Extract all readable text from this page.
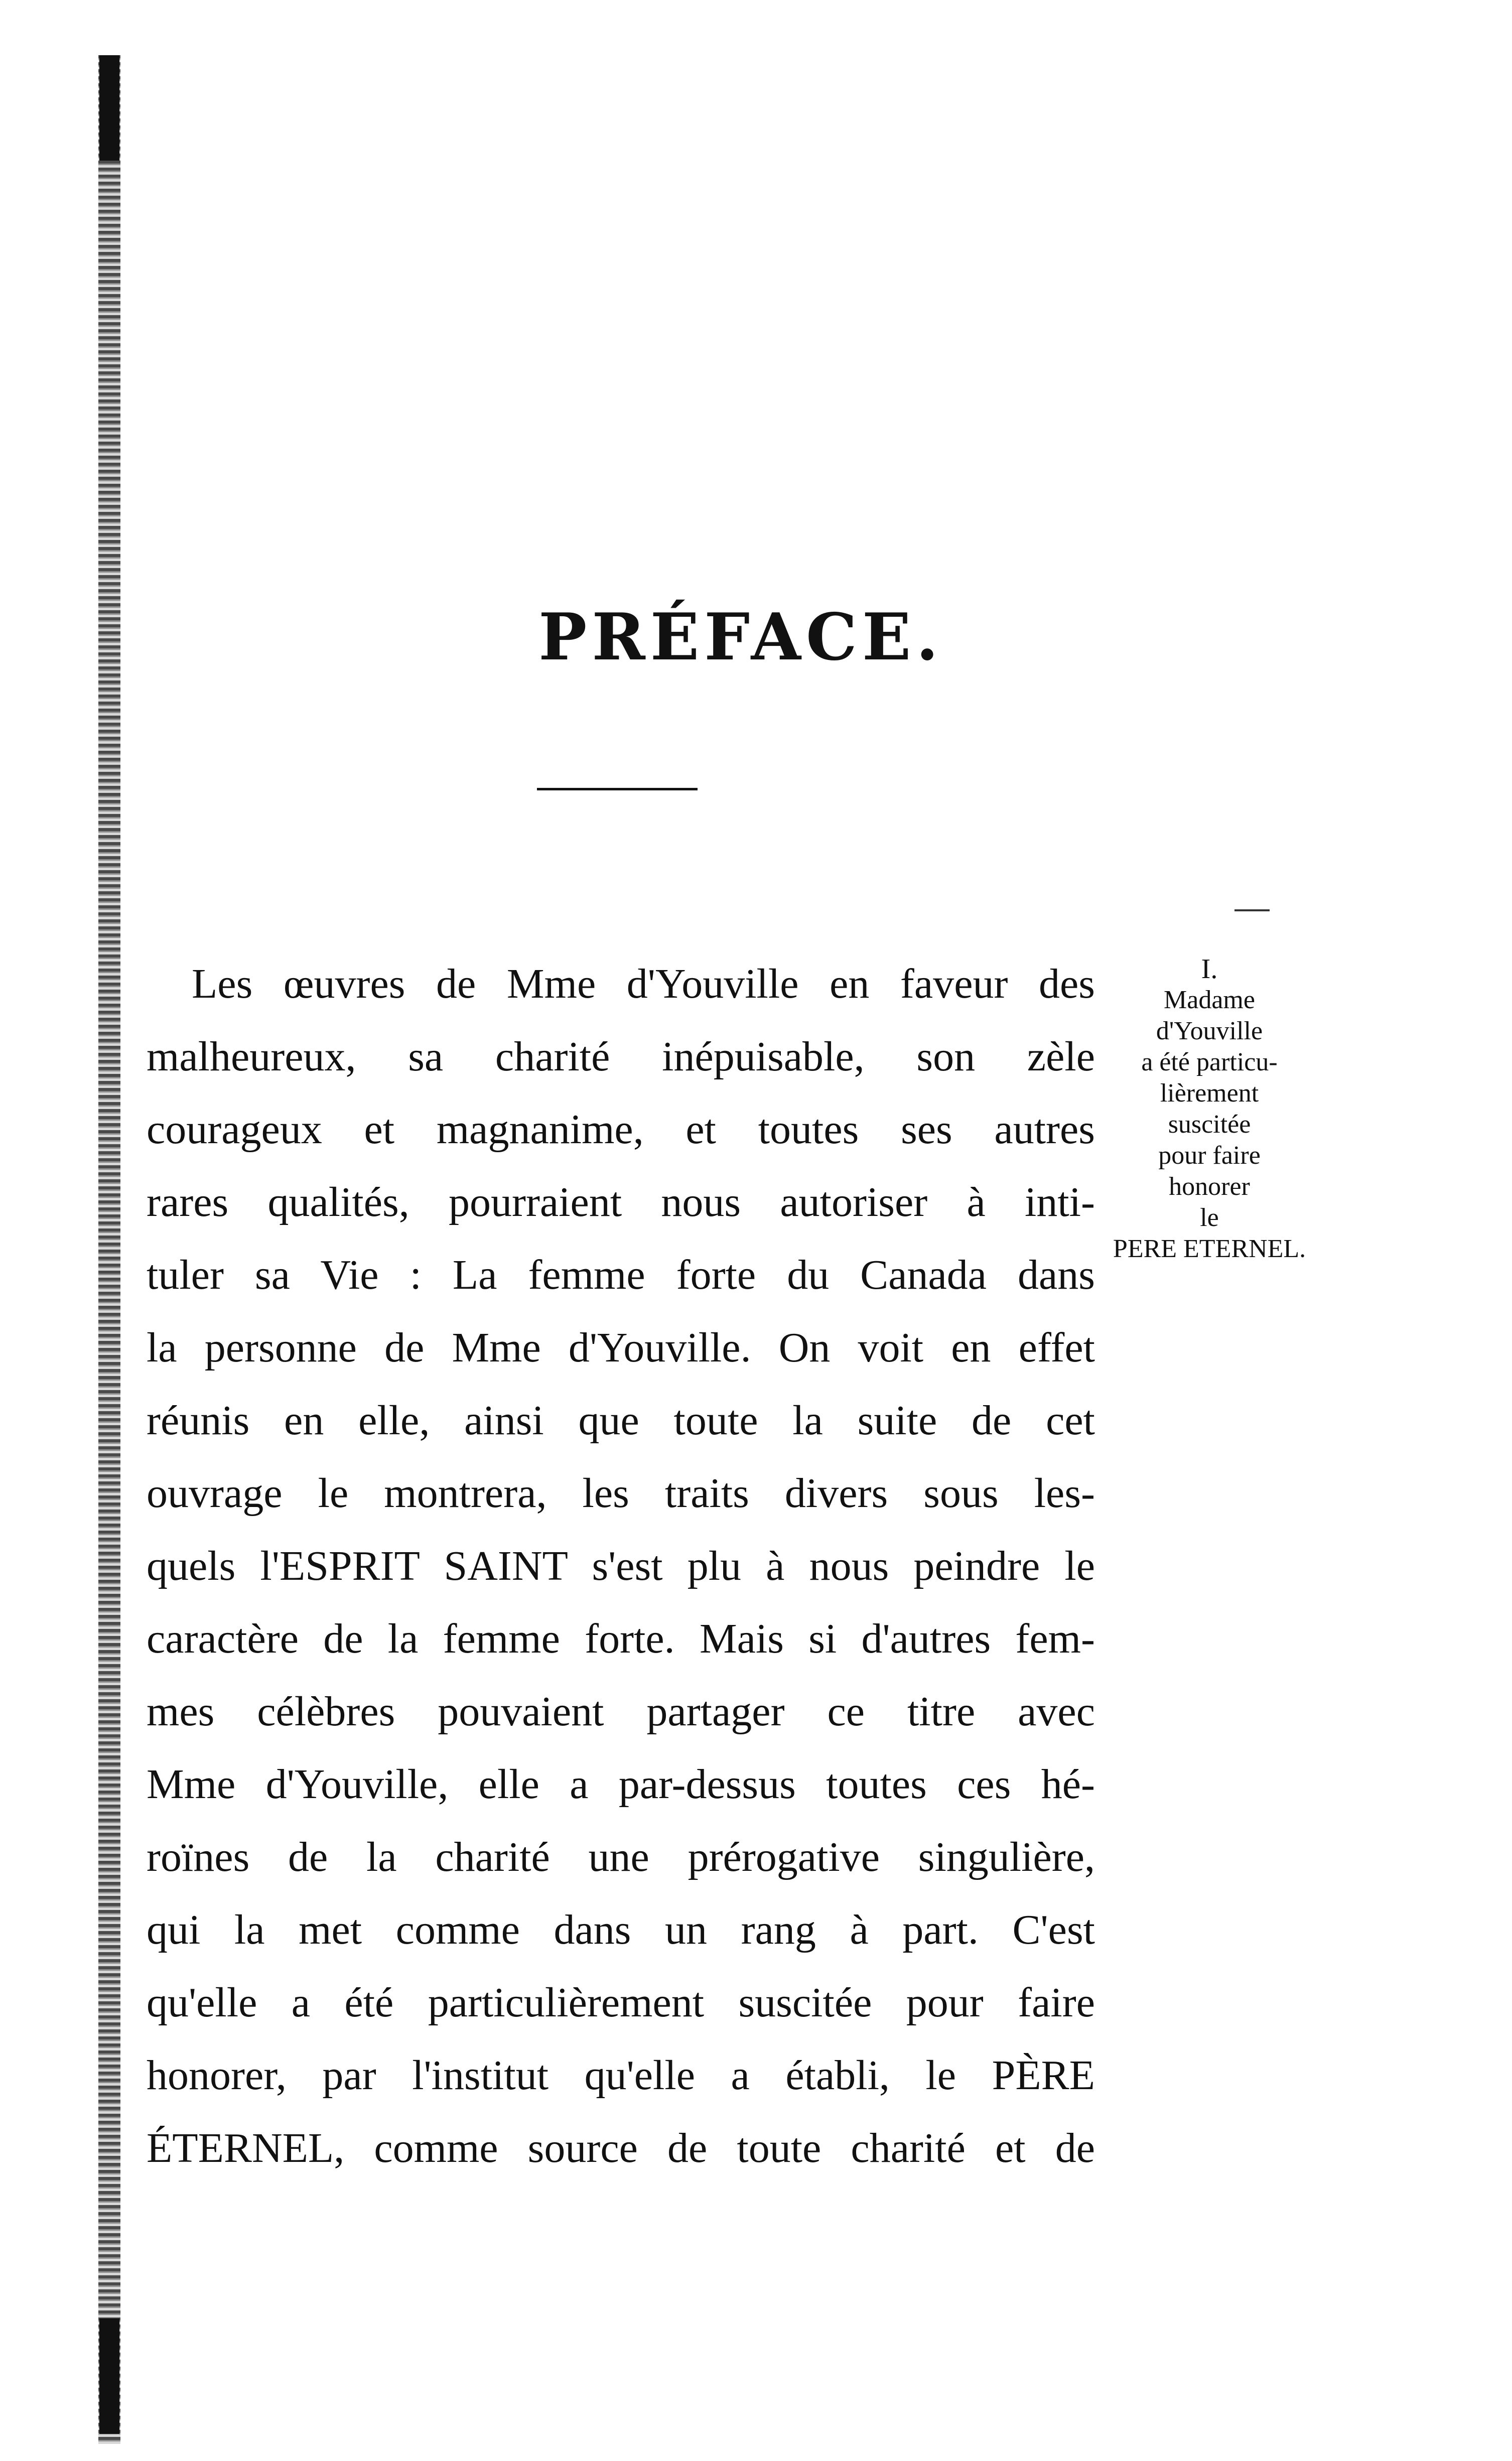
PRÉFACE.
I.
Madame
d'Youville
a été particu-
lièrement
suscitée
pour faire
honorer
le
PERE ETERNEL.
Les œuvres de Mme d'Youville en faveur des
malheureux, sa charité inépuisable, son zèle
courageux et magnanime, et toutes ses autres
rares qualités, pourraient nous autoriser à inti-
tuler sa Vie : La femme forte du Canada dans
la personne de Mme d'Youville. On voit en effet
réunis en elle, ainsi que toute la suite de cet
ouvrage le montrera, les traits divers sous les-
quels l'ESPRIT SAINT s'est plu à nous peindre le
caractère de la femme forte. Mais si d'autres fem-
mes célèbres pouvaient partager ce titre avec
Mme d'Youville, elle a par-dessus toutes ces hé-
roïnes de la charité une prérogative singulière,
qui la met comme dans un rang à part. C'est
qu'elle a été particulièrement suscitée pour faire
honorer, par l'institut qu'elle a établi, le PÈRE
ÉTERNEL, comme source de toute charité et de
